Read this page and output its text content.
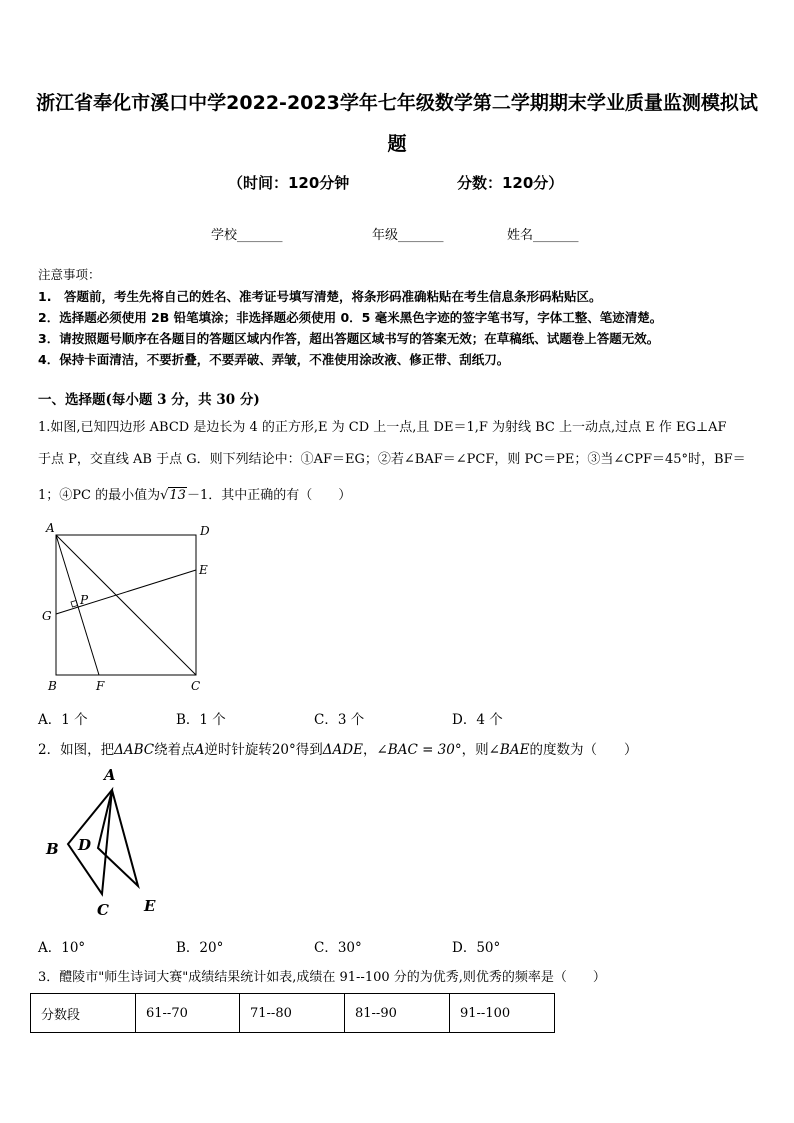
浙江省奉化市溪口中学2022-2023学年七年级数学第二学期期末学业质量监测模拟试
题
（时间：120分钟	分数：120分）
学校_______	年级_______	姓名_______
注意事项：
1.　答题前，考生先将自己的姓名、准考证号填写清楚，将条形码准确粘贴在考生信息条形码粘贴区。
2．选择题必须使用 2B 铅笔填涂；非选择题必须使用 0．5 毫米黑色字迹的签字笔书写，字体工整、笔迹清楚。
3．请按照题号顺序在各题目的答题区域内作答，超出答题区域书写的答案无效；在草稿纸、试题卷上答题无效。
4．保持卡面清洁，不要折叠，不要弄破、弄皱，不准使用涂改液、修正带、刮纸刀。
一、选择题(每小题 3 分，共 30 分)
1.如图,已知四边形 ABCD 是边长为 4 的正方形,E 为 CD 上一点,且 DE＝1,F 为射线 BC 上一动点,过点 E 作 EG⊥AF
于点 P，交直线 AB 于点 G．则下列结论中：①AF＝EG；②若∠BAF＝∠PCF，则 PC＝PE；③当∠CPF＝45°时，BF＝
1；④PC 的最小值为√13－1．其中正确的有（　　）
A	D
E
G
P
B	F	C
A．1 个	B．1 个	C．3 个	D．4 个
2．如图，把ΔABC绕着点A逆时针旋转20°得到ΔADE，∠BAC = 30°，则∠BAE的度数为（　　）
A
B D
C E
A．10°	B．20°	C．30°	D．50°
3．醴陵市"师生诗词大赛"成绩结果统计如表,成绩在 91--100 分的为优秀,则优秀的频率是（　　）
分数段	61--70	71--80	81--90	91--100
